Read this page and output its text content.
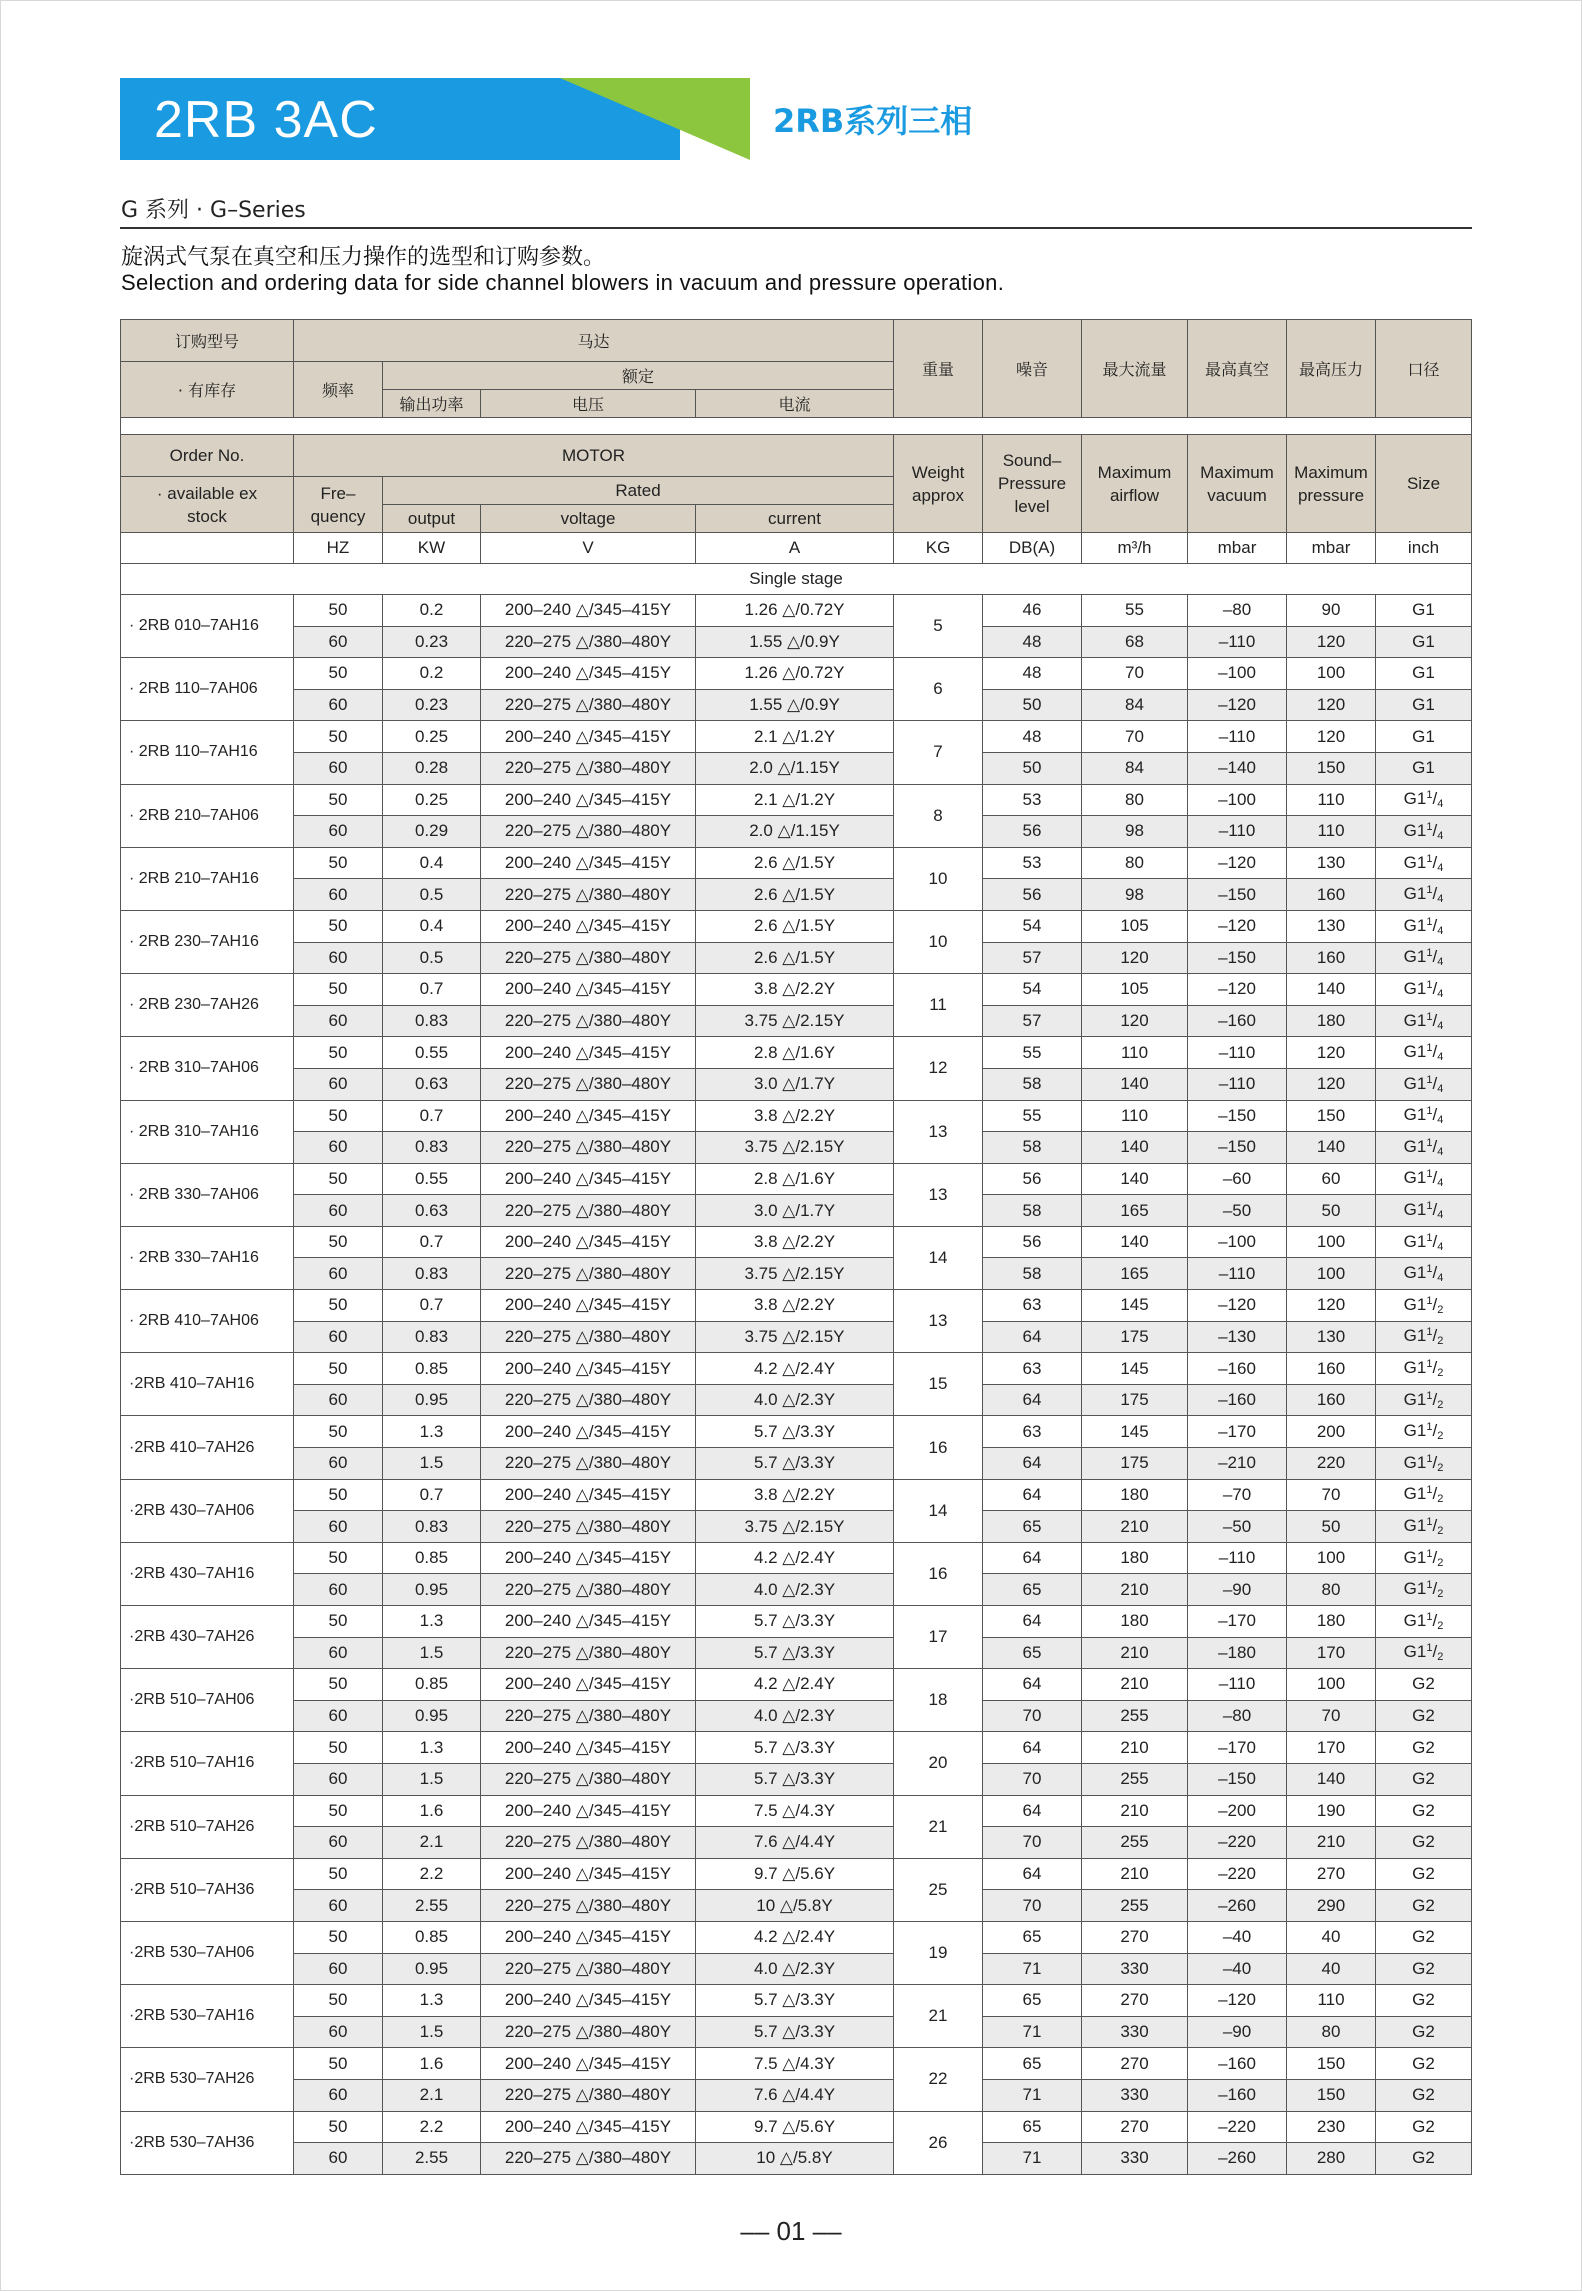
2RB 3AC	2RB系列三相
G 系列 · G–Series
旋涡式气泵在真空和压力操作的选型和订购参数。
Selection and ordering data for side channel blowers in vacuum and pressure operation.
订购型号	马达				重量	噪音	最大流量	最高真空	最高压力	口径
· 有库存	频率	额定								
		输出功率	电压	电流						

Order No.	MOTOR				Weight approx	Sound–Pressure level	Maximum airflow	Maximum vacuum	Maximum pressure	Size
· available ex stock	Fre–quency	Rated								
		output	voltage	current						
	HZ	KW	V	A	KG	DB(A)	m³/h	mbar	mbar	inch
Single stage										
· 2RB 010–7AH16	50	0.2	200–240 △/345–415Y	1.26 △/0.72Y	5	46	55	–80	90	G1
	60	0.23	220–275 △/380–480Y	1.55 △/0.9Y		48	68	–110	120	G1
· 2RB 110–7AH06	50	0.2	200–240 △/345–415Y	1.26 △/0.72Y	6	48	70	–100	100	G1
	60	0.23	220–275 △/380–480Y	1.55 △/0.9Y		50	84	–120	120	G1
· 2RB 110–7AH16	50	0.25	200–240 △/345–415Y	2.1 △/1.2Y	7	48	70	–110	120	G1
	60	0.28	220–275 △/380–480Y	2.0 △/1.15Y		50	84	–140	150	G1
· 2RB 210–7AH06	50	0.25	200–240 △/345–415Y	2.1 △/1.2Y	8	53	80	–100	110	$G1^1/_4$
	60	0.29	220–275 △/380–480Y	2.0 △/1.15Y		56	98	–110	110	$G1^1/_4$
· 2RB 210–7AH16	50	0.4	200–240 △/345–415Y	2.6 △/1.5Y	10	53	80	–120	130	$G1^1/_4$
	60	0.5	220–275 △/380–480Y	2.6 △/1.5Y		56	98	–150	160	$G1^1/_4$
· 2RB 230–7AH16	50	0.4	200–240 △/345–415Y	2.6 △/1.5Y	10	54	105	–120	130	$G1^1/_4$
	60	0.5	220–275 △/380–480Y	2.6 △/1.5Y		57	120	–150	160	$G1^1/_4$
· 2RB 230–7AH26	50	0.7	200–240 △/345–415Y	3.8 △/2.2Y	11	54	105	–120	140	$G1^1/_4$
	60	0.83	220–275 △/380–480Y	3.75 △/2.15Y		57	120	–160	180	$G1^1/_4$
· 2RB 310–7AH06	50	0.55	200–240 △/345–415Y	2.8 △/1.6Y	12	55	110	–110	120	$G1^1/_4$
	60	0.63	220–275 △/380–480Y	3.0 △/1.7Y		58	140	–110	120	$G1^1/_4$
· 2RB 310–7AH16	50	0.7	200–240 △/345–415Y	3.8 △/2.2Y	13	55	110	–150	150	$G1^1/_4$
	60	0.83	220–275 △/380–480Y	3.75 △/2.15Y		58	140	–150	140	$G1^1/_4$
· 2RB 330–7AH06	50	0.55	200–240 △/345–415Y	2.8 △/1.6Y	13	56	140	–60	60	$G1^1/_4$
	60	0.63	220–275 △/380–480Y	3.0 △/1.7Y		58	165	–50	50	$G1^1/_4$
· 2RB 330–7AH16	50	0.7	200–240 △/345–415Y	3.8 △/2.2Y	14	56	140	–100	100	$G1^1/_4$
	60	0.83	220–275 △/380–480Y	3.75 △/2.15Y		58	165	–110	100	$G1^1/_4$
· 2RB 410–7AH06	50	0.7	200–240 △/345–415Y	3.8 △/2.2Y	13	63	145	–120	120	$G1^1/_2$
	60	0.83	220–275 △/380–480Y	3.75 △/2.15Y		64	175	–130	130	$G1^1/_2$
·2RB 410–7AH16	50	0.85	200–240 △/345–415Y	4.2 △/2.4Y	15	63	145	–160	160	$G1^1/_2$
	60	0.95	220–275 △/380–480Y	4.0 △/2.3Y		64	175	–160	160	$G1^1/_2$
·2RB 410–7AH26	50	1.3	200–240 △/345–415Y	5.7 △/3.3Y	16	63	145	–170	200	$G1^1/_2$
	60	1.5	220–275 △/380–480Y	5.7 △/3.3Y		64	175	–210	220	$G1^1/_2$
·2RB 430–7AH06	50	0.7	200–240 △/345–415Y	3.8 △/2.2Y	14	64	180	–70	70	$G1^1/_2$
	60	0.83	220–275 △/380–480Y	3.75 △/2.15Y		65	210	–50	50	$G1^1/_2$
·2RB 430–7AH16	50	0.85	200–240 △/345–415Y	4.2 △/2.4Y	16	64	180	–110	100	$G1^1/_2$
	60	0.95	220–275 △/380–480Y	4.0 △/2.3Y		65	210	–90	80	$G1^1/_2$
·2RB 430–7AH26	50	1.3	200–240 △/345–415Y	5.7 △/3.3Y	17	64	180	–170	180	$G1^1/_2$
	60	1.5	220–275 △/380–480Y	5.7 △/3.3Y		65	210	–180	170	$G1^1/_2$
·2RB 510–7AH06	50	0.85	200–240 △/345–415Y	4.2 △/2.4Y	18	64	210	–110	100	G2
	60	0.95	220–275 △/380–480Y	4.0 △/2.3Y		70	255	–80	70	G2
·2RB 510–7AH16	50	1.3	200–240 △/345–415Y	5.7 △/3.3Y	20	64	210	–170	170	G2
	60	1.5	220–275 △/380–480Y	5.7 △/3.3Y		70	255	–150	140	G2
·2RB 510–7AH26	50	1.6	200–240 △/345–415Y	7.5 △/4.3Y	21	64	210	–200	190	G2
	60	2.1	220–275 △/380–480Y	7.6 △/4.4Y		70	255	–220	210	G2
·2RB 510–7AH36	50	2.2	200–240 △/345–415Y	9.7 △/5.6Y	25	64	210	–220	270	G2
	60	2.55	220–275 △/380–480Y	10 △/5.8Y		70	255	–260	290	G2
·2RB 530–7AH06	50	0.85	200–240 △/345–415Y	4.2 △/2.4Y	19	65	270	–40	40	G2
	60	0.95	220–275 △/380–480Y	4.0 △/2.3Y		71	330	–40	40	G2
·2RB 530–7AH16	50	1.3	200–240 △/345–415Y	5.7 △/3.3Y	21	65	270	–120	110	G2
	60	1.5	220–275 △/380–480Y	5.7 △/3.3Y		71	330	–90	80	G2
·2RB 530–7AH26	50	1.6	200–240 △/345–415Y	7.5 △/4.3Y	22	65	270	–160	150	G2
	60	2.1	220–275 △/380–480Y	7.6 △/4.4Y		71	330	–160	150	G2
·2RB 530–7AH36	50	2.2	200–240 △/345–415Y	9.7 △/5.6Y	26	65	270	–220	230	G2
	60	2.55	220–275 △/380–480Y	10 △/5.8Y		71	330	–260	280	G2
–– 01 ––
